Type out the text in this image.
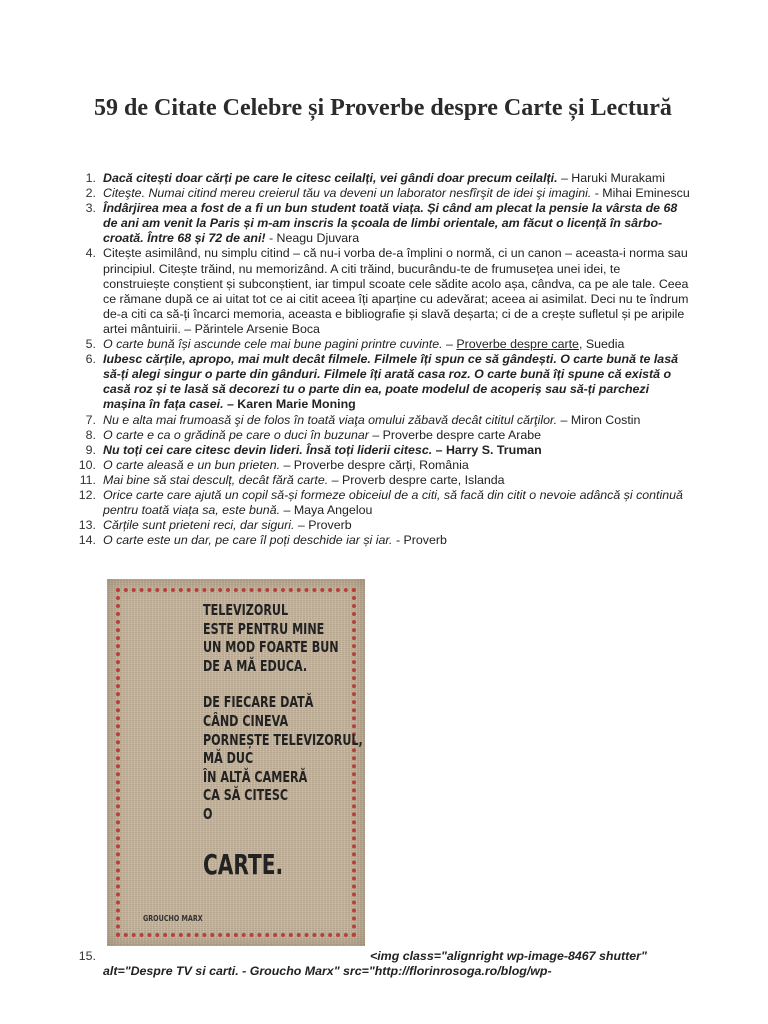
59 de Citate Celebre și Proverbe despre Carte și Lectură
1. Dacă citești doar cărți pe care le citesc ceilalți, vei gândi doar precum ceilalți. – Haruki Murakami
2. Citeşte. Numai citind mereu creierul tău va deveni un laborator nesfîrşit de idei şi imagini. - Mihai Eminescu
3. Îndârjirea mea a fost de a fi un bun student toată viața. Și când am plecat la pensie la vârsta de 68 de ani am venit la Paris și m-am inscris la școala de limbi orientale, am făcut o licență în sârbo-croată. Între 68 și 72 de ani! - Neagu Djuvara
4. Citește asimilând, nu simplu citind – că nu-i vorba de-a împlini o normă, ci un canon – aceasta-i norma sau principiul. Citește trăind, nu memorizând. A citi trăind, bucurându-te de frumusețea unei idei, te construiește conștient și subconștient, iar timpul scoate cele sădite acolo așa, cândva, ca pe ale tale. Ceea ce rămane după ce ai uitat tot ce ai citit aceea îți aparține cu adevărat; aceea ai asimilat. Deci nu te îndrum de-a citi ca să-ți încarci memoria, aceasta e bibliografie și slavă deșarta; ci de a crește sufletul și pe aripile artei mântuirii. – Părintele Arsenie Boca
5. O carte bună își ascunde cele mai bune pagini printre cuvinte. – Proverbe despre carte, Suedia
6. Iubesc cărțile, apropo, mai mult decât filmele. Filmele îți spun ce să gândești. O carte bună te lasă să-ți alegi singur o parte din gânduri. Filmele îți arată casa roz. O carte bună îți spune că există o casă roz și te lasă să decorezi tu o parte din ea, poate modelul de acoperiș sau să-ți parchezi mașina în fața casei. – Karen Marie Moning
7. Nu e alta mai frumoasă şi de folos în toată viaţa omului zăbavă decât cititul cărţilor. – Miron Costin
8. O carte e ca o grădină pe care o duci în buzunar – Proverbe despre carte Arabe
9. Nu toți cei care citesc devin lideri. Însă toți liderii citesc. – Harry S. Truman
10. O carte aleasă e un bun prieten. – Proverbe despre cărți, România
11. Mai bine să stai desculț, decât fără carte. – Proverb despre carte, Islanda
12. Orice carte care ajută un copil să-și formeze obiceiul de a citi, să facă din citit o nevoie adâncă și continuă pentru toată viața sa, este bună. – Maya Angelou
13. Cărțile sunt prieteni reci, dar siguri. – Proverb
14. O carte este un dar, pe care îl poți deschide iar și iar. - Proverb
TELEVIZORUL
ESTE PENTRU MINE
UN MOD FOARTE BUN
DE A MĂ EDUCA.
DE FIECARE DATĂ
CÂND CINEVA
PORNEȘTE TELEVIZORUL,
MĂ DUC
ÎN ALTĂ CAMERĂ
CA SĂ CITESC
O
CARTE.
GROUCHO MARX
15.	<img class="alignright wp-image-8467 shutter"
alt="Despre TV si carti. - Groucho Marx" src="http://florinrosoga.ro/blog/wp-
